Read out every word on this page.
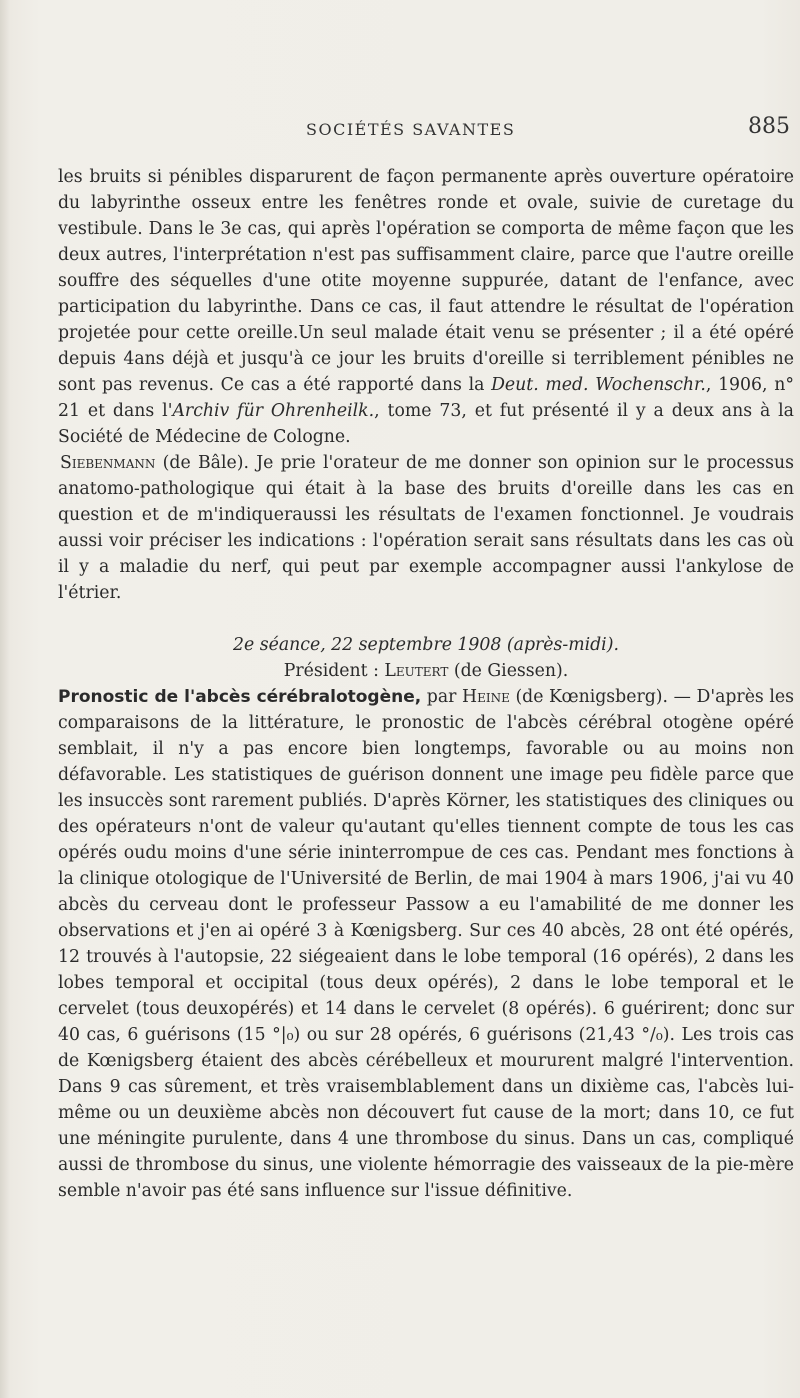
SOCIÉTÉS SAVANTES	885

les bruits si pénibles disparurent de façon permanente après ouverture opératoire du labyrinthe osseux entre les fenêtres ronde et ovale, suivie de curetage du vestibule. Dans le 3e cas, qui après l'opération se comporta de même façon que les deux autres, l'interprétation n'est pas suffisamment claire, parce que l'autre oreille souffre des séquelles d'une otite moyenne suppurée, datant de l'enfance, avec participation du labyrinthe. Dans ce cas, il faut attendre le résultat de l'opération projetée pour cette oreille.Un seul malade était venu se présenter ; il a été opéré depuis 4ans déjà et jusqu'à ce jour les bruits d'oreille si terriblement pénibles ne sont pas revenus. Ce cas a été rapporté dans la Deut. med. Wochenschr., 1906, n° 21 et dans l'Archiv für Ohrenheilk., tome 73, et fut présenté il y a deux ans à la Société de Médecine de Cologne.

Siebenmann (de Bâle). Je prie l'orateur de me donner son opinion sur le processus anatomo-pathologique qui était à la base des bruits d'oreille dans les cas en question et de m'indiqueraussi les résultats de l'examen fonctionnel. Je voudrais aussi voir préciser les indications : l'opération serait sans résultats dans les cas où il y a maladie du nerf, qui peut par exemple accompagner aussi l'ankylose de l'étrier.

2e séance, 22 septembre 1908 (après-midi).
Président : Leutert (de Giessen).

Pronostic de l'abcès cérébralotogène, par Heine (de Kœnigsberg). — D'après les comparaisons de la littérature, le pronostic de l'abcès cérébral otogène opéré semblait, il n'y a pas encore bien longtemps, favorable ou au moins non défavorable. Les statistiques de guérison donnent une image peu fidèle parce que les insuccès sont rarement publiés. D'après Körner, les statistiques des cliniques ou des opérateurs n'ont de valeur qu'autant qu'elles tiennent compte de tous les cas opérés oudu moins d'une série ininterrompue de ces cas. Pendant mes fonctions à la clinique otologique de l'Université de Berlin, de mai 1904 à mars 1906, j'ai vu 40 abcès du cerveau dont le professeur Passow a eu l'amabilité de me donner les observations et j'en ai opéré 3 à Kœnigsberg. Sur ces 40 abcès, 28 ont été opérés, 12 trouvés à l'autopsie, 22 siégeaient dans le lobe temporal (16 opérés), 2 dans les lobes temporal et occipital (tous deux opérés), 2 dans le lobe temporal et le cervelet (tous deuxopérés) et 14 dans le cervelet (8 opérés). 6 guérirent; donc sur 40 cas, 6 guérisons (15 °|₀) ou sur 28 opérés, 6 guérisons (21,43 °/₀). Les trois cas de Kœnigsberg étaient des abcès cérébelleux et moururent malgré l'intervention. Dans 9 cas sûrement, et très vraisemblablement dans un dixième cas, l'abcès lui-même ou un deuxième abcès non découvert fut cause de la mort; dans 10, ce fut une méningite purulente, dans 4 une thrombose du sinus. Dans un cas, compliqué aussi de thrombose du sinus, une violente hémorragie des vaisseaux de la pie-mère semble n'avoir pas été sans influence sur l'issue définitive.
